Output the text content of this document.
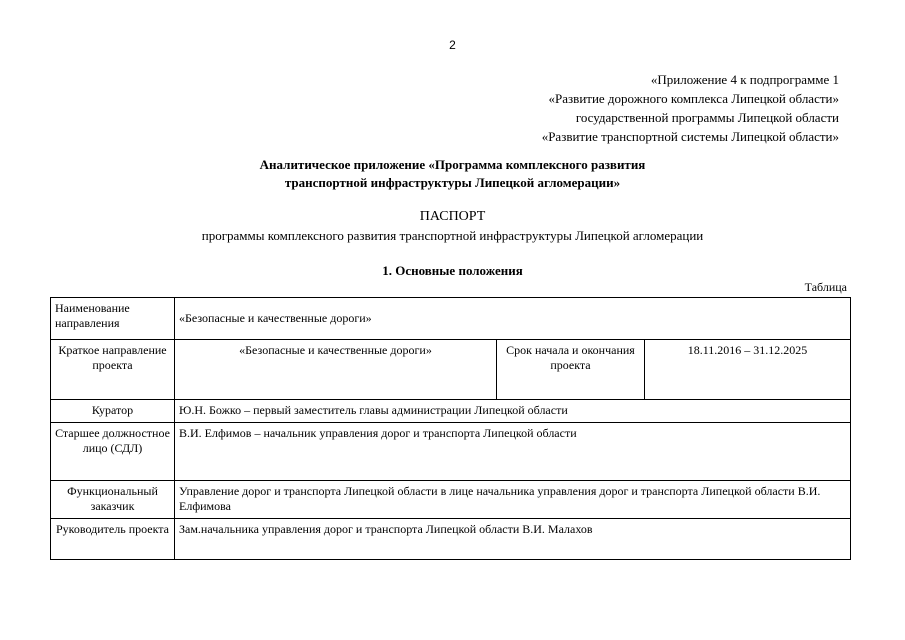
2
«Приложение 4 к подпрограмме 1
«Развитие дорожного комплекса Липецкой области»
государственной программы Липецкой области
«Развитие транспортной системы Липецкой области»
Аналитическое приложение «Программа комплексного развития
транспортной инфраструктуры Липецкой агломерации»
ПАСПОРТ
программы комплексного развития транспортной инфраструктуры Липецкой агломерации
1. Основные положения
Таблица
Наименование направления	«Безопасные и качественные дороги»		
Краткое направление проекта	«Безопасные и качественные дороги»	Срок начала и окончания проекта	18.11.2016 – 31.12.2025
Куратор	Ю.Н. Божко – первый заместитель главы администрации Липецкой области		
Старшее должностное лицо (СДЛ)	В.И. Елфимов – начальник управления дорог и транспорта Липецкой области		
Функциональный заказчик	Управление дорог и транспорта Липецкой области в лице начальника управления дорог и транспорта Липецкой области В.И. Елфимова		
Руководитель проекта	Зам.начальника управления дорог и транспорта Липецкой области В.И. Малахов		
